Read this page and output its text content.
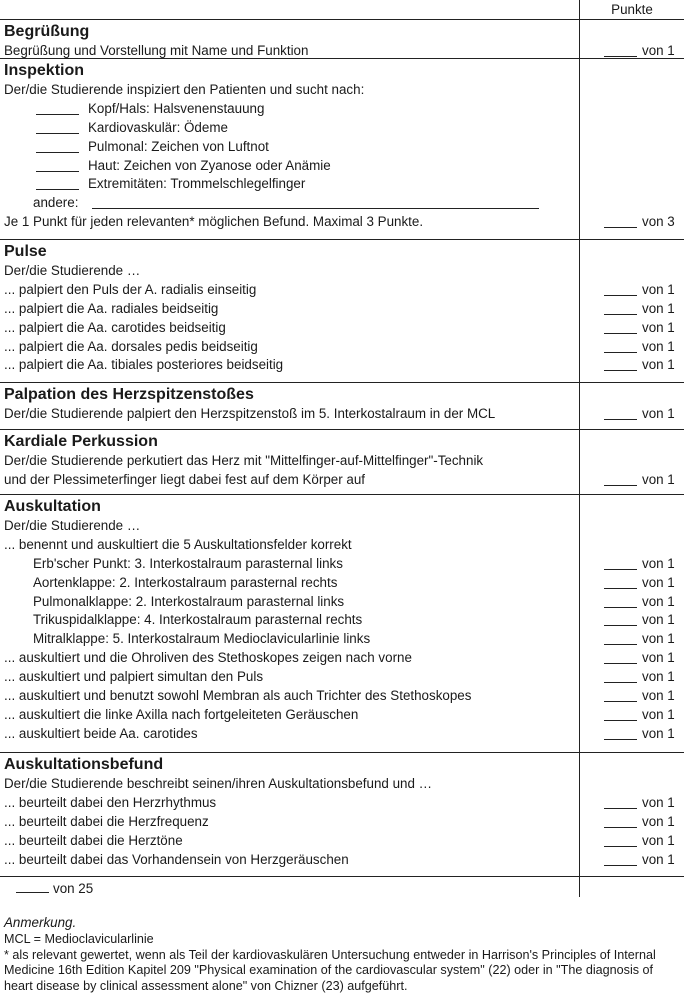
Punkte
Begrüßung
Begrüßung und Vorstellung mit Name und Funktion	von 1
Inspektion
Der/die Studierende inspiziert den Patienten und sucht nach:
Kopf/Hals: Halsvenenstauung
Kardiovaskulär: Ödeme
Pulmonal: Zeichen von Luftnot
Haut: Zeichen von Zyanose oder Anämie
Extremitäten: Trommelschlegelfinger
andere:
Je 1 Punkt für jeden relevanten* möglichen Befund. Maximal 3 Punkte.	von 3
Pulse
Der/die Studierende …
... palpiert den Puls der A. radialis einseitig	von 1
... palpiert die Aa. radiales beidseitig	von 1
... palpiert die Aa. carotides beidseitig	von 1
... palpiert die Aa. dorsales pedis beidseitig	von 1
... palpiert die Aa. tibiales posteriores beidseitig	von 1
Palpation des Herzspitzenstoßes
Der/die Studierende palpiert den Herzspitzenstoß im 5. Interkostalraum in der MCL	von 1
Kardiale Perkussion
Der/die Studierende perkutiert das Herz mit "Mittelfinger-auf-Mittelfinger"-Technik
und der Plessimeterfinger liegt dabei fest auf dem Körper auf	von 1
Auskultation
Der/die Studierende …
... benennt und auskultiert die 5 Auskultationsfelder korrekt
Erb'scher Punkt: 3. Interkostalraum parasternal links	von 1
Aortenklappe: 2. Interkostalraum parasternal rechts	von 1
Pulmonalklappe: 2. Interkostalraum parasternal links	von 1
Trikuspidalklappe: 4. Interkostalraum parasternal rechts	von 1
Mitralklappe: 5. Interkostalraum Medioclavicularlinie links	von 1
... auskultiert und die Ohroliven des Stethoskopes zeigen nach vorne	von 1
... auskultiert und palpiert simultan den Puls	von 1
... auskultiert und benutzt sowohl Membran als auch Trichter des Stethoskopes	von 1
... auskultiert die linke Axilla nach fortgeleiteten Geräuschen	von 1
... auskultiert beide Aa. carotides	von 1
Auskultationsbefund
Der/die Studierende beschreibt seinen/ihren Auskultationsbefund und …
... beurteilt dabei den Herzrhythmus	von 1
... beurteilt dabei die Herzfrequenz	von 1
... beurteilt dabei die Herztöne	von 1
... beurteilt dabei das Vorhandensein von Herzgeräuschen	von 1
von 25
Anmerkung.
MCL = Medioclavicularlinie
* als relevant gewertet, wenn als Teil der kardiovaskulären Untersuchung entweder in Harrison's Principles of Internal Medicine 16th Edition Kapitel 209 "Physical examination of the cardiovascular system" (22) oder in "The diagnosis of heart disease by clinical assessment alone" von Chizner (23) aufgeführt.
